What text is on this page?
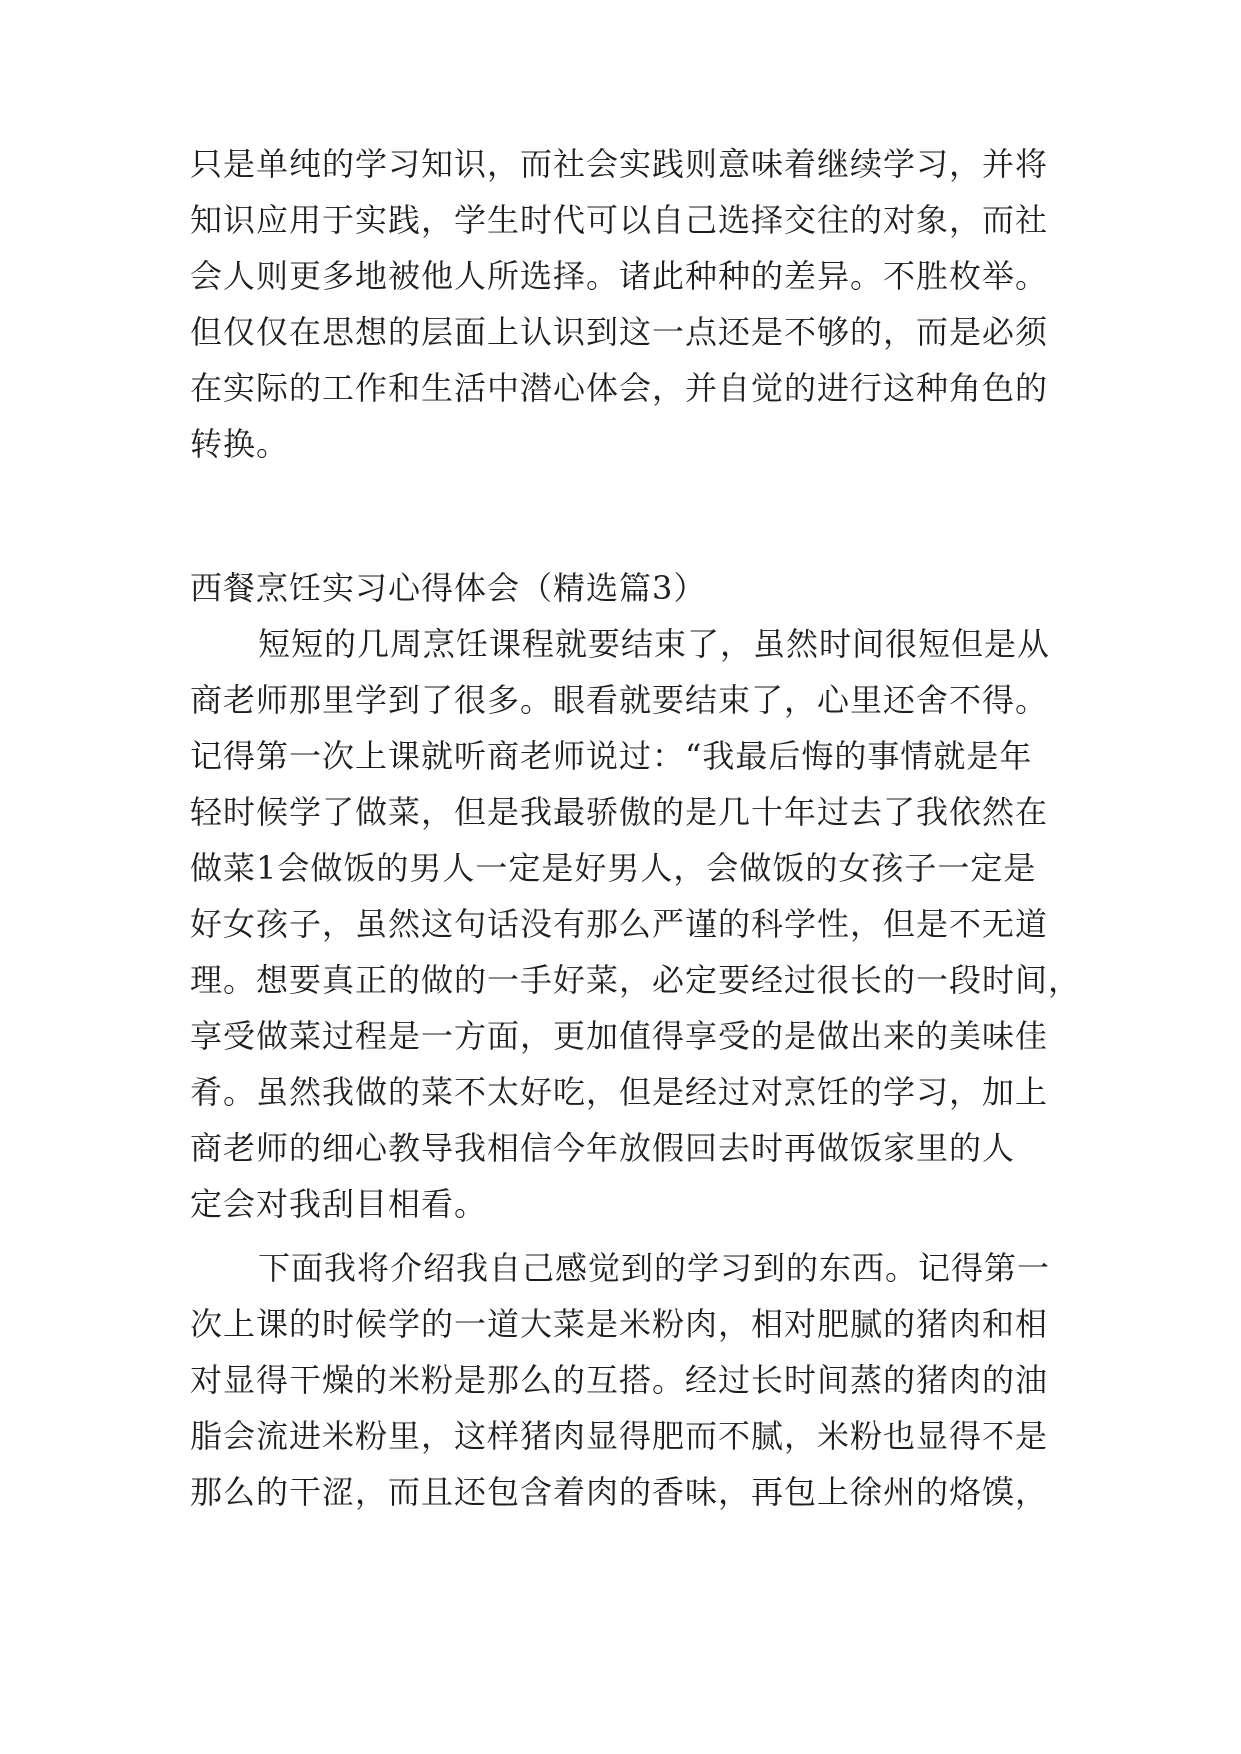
只是单纯的学习知识，而社会实践则意味着继续学习，并将
知识应用于实践，学生时代可以自己选择交往的对象，而社
会人则更多地被他人所选择。诸此种种的差异。不胜枚举。
但仅仅在思想的层面上认识到这一点还是不够的，而是必须
在实际的工作和生活中潜心体会，并自觉的进行这种角色的
转换。
西餐烹饪实习心得体会（精选篇3）
短短的几周烹饪课程就要结束了，虽然时间很短但是从
商老师那里学到了很多。眼看就要结束了，心里还舍不得。
记得第一次上课就听商老师说过：“我最后悔的事情就是年
轻时候学了做菜，但是我最骄傲的是几十年过去了我依然在
做菜1会做饭的男人一定是好男人，会做饭的女孩子一定是
好女孩子，虽然这句话没有那么严谨的科学性，但是不无道
理。想要真正的做的一手好菜，必定要经过很长的一段时间，
享受做菜过程是一方面，更加值得享受的是做出来的美味佳
肴。虽然我做的菜不太好吃，但是经过对烹饪的学习，加上
商老师的细心教导我相信今年放假回去时再做饭家里的人
定会对我刮目相看。
下面我将介绍我自己感觉到的学习到的东西。记得第一
次上课的时候学的一道大菜是米粉肉，相对肥腻的猪肉和相
对显得干燥的米粉是那么的互搭。经过长时间蒸的猪肉的油
脂会流进米粉里，这样猪肉显得肥而不腻，米粉也显得不是
那么的干涩，而且还包含着肉的香味，再包上徐州的烙馍，
